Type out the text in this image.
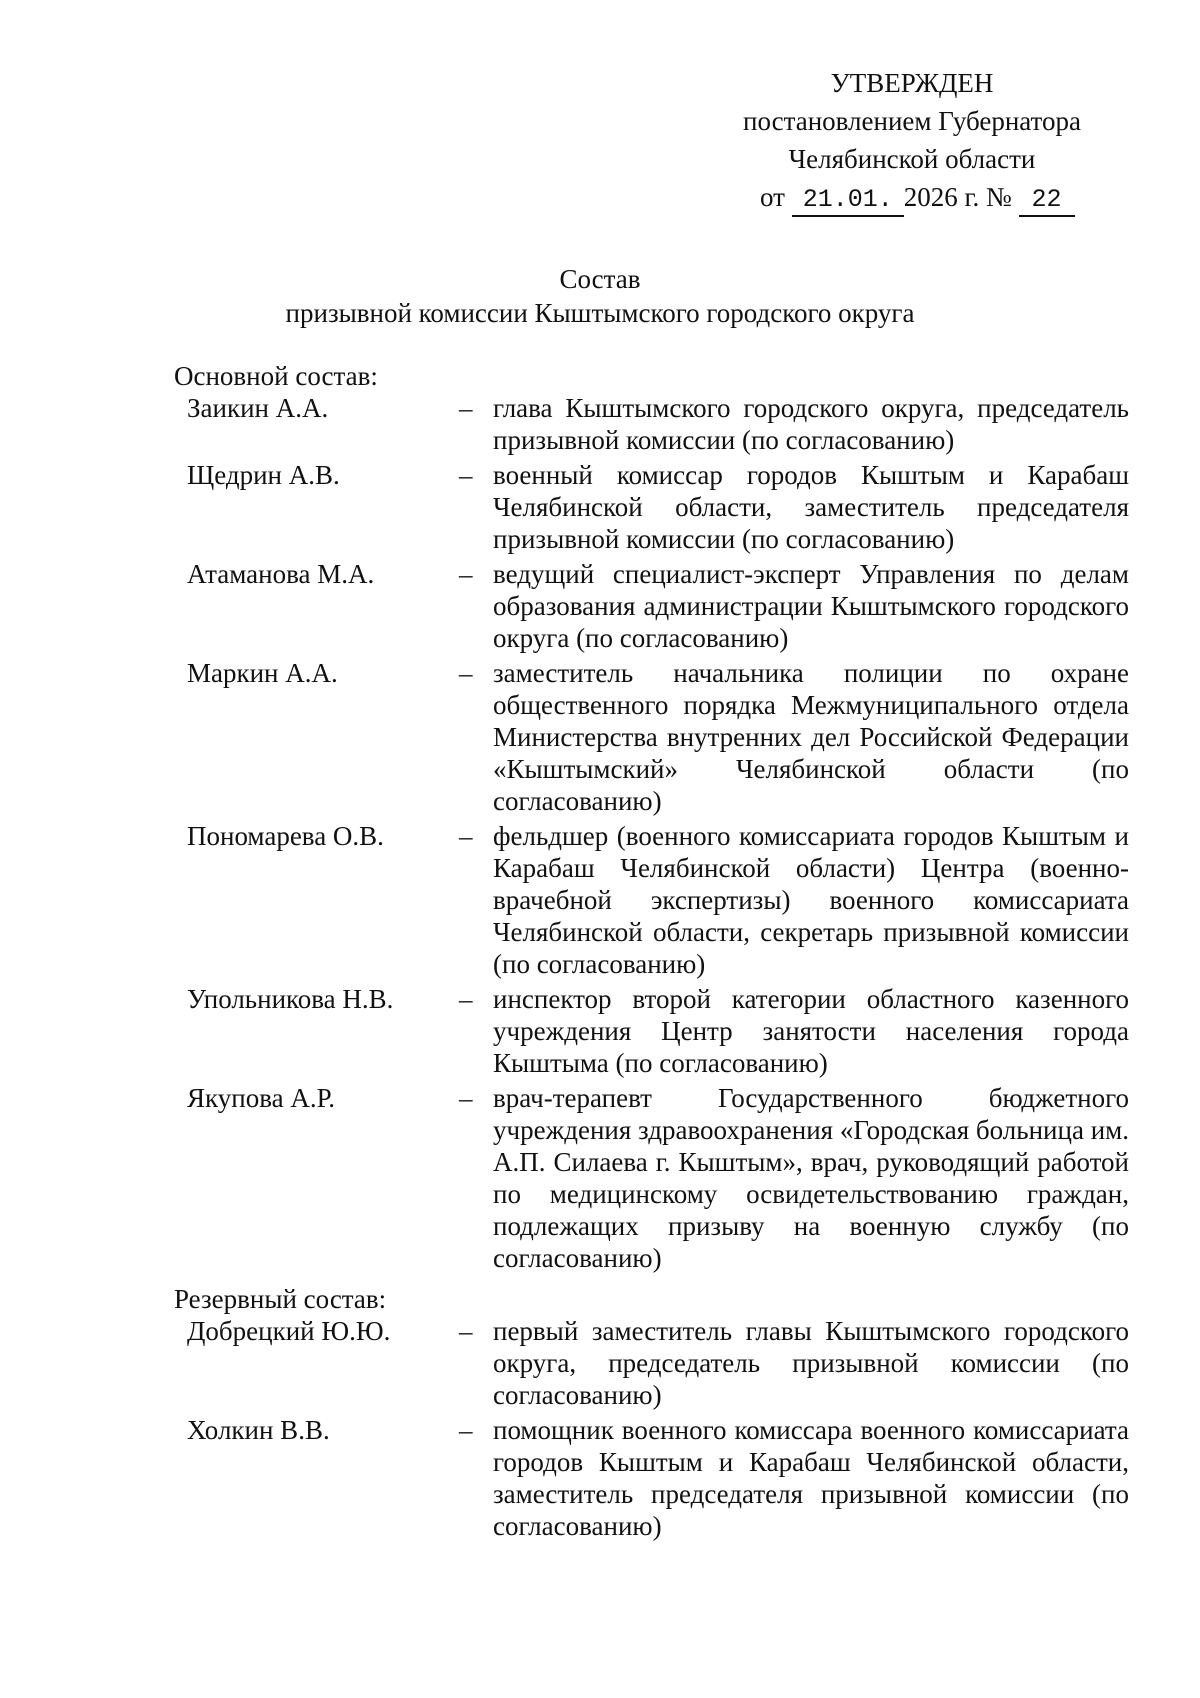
УТВЕРЖДЕН
постановлением Губернатора
Челябинской области
от 21.01. 2026 г. № 22
Состав
призывной комиссии Кыштымского городского округа
Основной состав:
Заикин А.А.	– глава Кыштымского городского округа, председатель призывной комиссии (по согласованию)
Щедрин А.В.	– военный комиссар городов Кыштым и Карабаш Челябинской области, заместитель председателя призывной комиссии (по согласованию)
Атаманова М.А.	– ведущий специалист-эксперт Управления по делам образования администрации Кыштымского городского округа (по согласованию)
Маркин А.А.	– заместитель начальника полиции по охране общественного порядка Межмуниципального отдела Министерства внутренних дел Российской Федерации «Кыштымский» Челябинской области (по согласованию)
Пономарева О.В.	– фельдшер (военного комиссариата городов Кыштым и Карабаш Челябинской области) Центра (военно-врачебной экспертизы) военного комиссариата Челябинской области, секретарь призывной комиссии (по согласованию)
Упольникова Н.В.	– инспектор второй категории областного казенного учреждения Центр занятости населения города Кыштыма (по согласованию)
Якупова А.Р.	– врач-терапевт Государственного бюджетного учреждения здравоохранения «Городская больница им. А.П. Силаева г. Кыштым», врач, руководящий работой по медицинскому освидетельствованию граждан, подлежащих призыву на военную службу (по согласованию)
Резервный состав:
Добрецкий Ю.Ю.	– первый заместитель главы Кыштымского городского округа, председатель призывной комиссии (по согласованию)
Холкин В.В.	– помощник военного комиссара военного комиссариата городов Кыштым и Карабаш Челябинской области, заместитель председателя призывной комиссии (по согласованию)
